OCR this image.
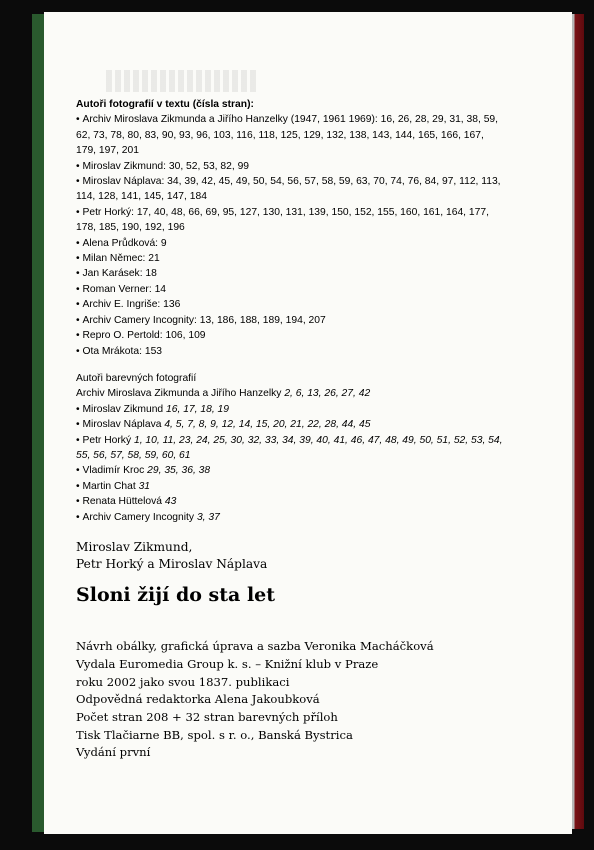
Autoři fotografií v textu (čísla stran):

• Archiv Miroslava Zikmunda a Jiřího Hanzelky (1947, 1961 1969): 16, 26, 28, 29, 31, 38, 59, 62, 73, 78, 80, 83, 90, 93, 96, 103, 116, 118, 125, 129, 132, 138, 143, 144, 165, 166, 167, 179, 197, 201

• Miroslav Zikmund: 30, 52, 53, 82, 99

• Miroslav Náplava: 34, 39, 42, 45, 49, 50, 54, 56, 57, 58, 59, 63, 70, 74, 76, 84, 97, 112, 113, 114, 128, 141, 145, 147, 184

• Petr Horký: 17, 40, 48, 66, 69, 95, 127, 130, 131, 139, 150, 152, 155, 160, 161, 164, 177, 178, 185, 190, 192, 196

• Alena Průdková: 9

• Milan Němec: 21

• Jan Karásek: 18

• Roman Verner: 14

• Archiv E. Ingriše: 136

• Archiv Camery Incognity: 13, 186, 188, 189, 194, 207

• Repro O. Pertold: 106, 109

• Ota Mrákota: 153

Autoři barevných fotografií

Archiv Miroslava Zikmunda a Jiřího Hanzelky 2, 6, 13, 26, 27, 42

• Miroslav Zikmund 16, 17, 18, 19

• Miroslav Náplava 4, 5, 7, 8, 9, 12, 14, 15, 20, 21, 22, 28, 44, 45

• Petr Horký 1, 10, 11, 23, 24, 25, 30, 32, 33, 34, 39, 40, 41, 46, 47, 48, 49, 50, 51, 52, 53, 54, 55, 56, 57, 58, 59, 60, 61

• Vladimír Kroc 29, 35, 36, 38

• Martin Chat 31

• Renata Hüttelová 43

• Archiv Camery Incognity 3, 37

Miroslav Zikmund,

Petr Horký a Miroslav Náplava

Sloni žijí do sta let

Návrh obálky, grafická úprava a sazba Veronika Macháčková

Vydala Euromedia Group k. s. – Knižní klub v Praze

roku 2002 jako svou 1837. publikaci

Odpovědná redaktorka Alena Jakoubková

Počet stran 208 + 32 stran barevných příloh

Tisk Tlačiarne BB, spol. s r. o., Banská Bystrica

Vydání první
